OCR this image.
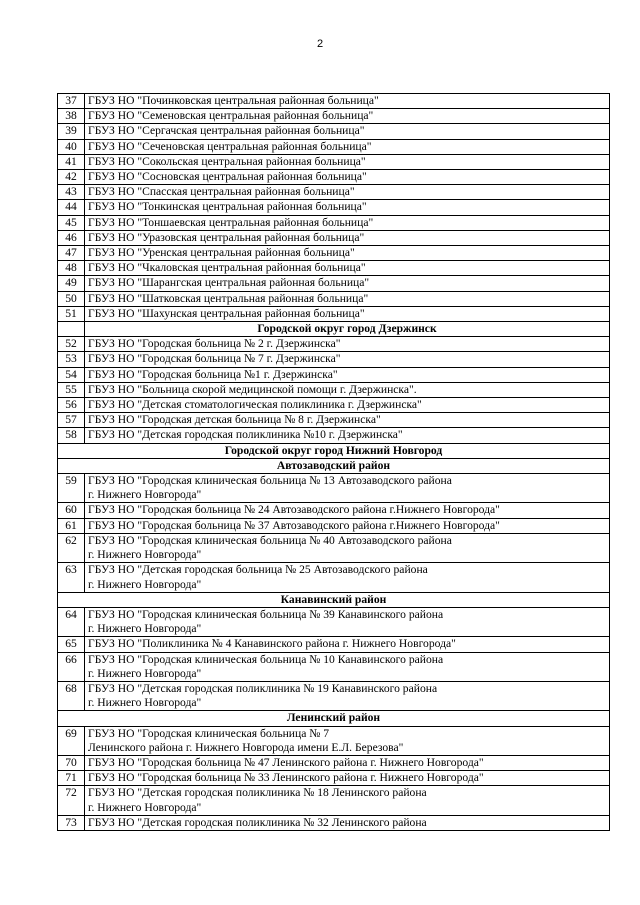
2
37	ГБУЗ НО "Починковская центральная районная больница"
38	ГБУЗ НО "Семеновская центральная районная больница"
39	ГБУЗ НО "Сергачская центральная районная больница"
40	ГБУЗ НО "Сеченовская центральная районная больница"
41	ГБУЗ НО "Сокольская центральная районная больница"
42	ГБУЗ НО "Сосновская центральная районная больница"
43	ГБУЗ НО "Спасская центральная районная больница"
44	ГБУЗ НО "Тонкинская центральная районная больница"
45	ГБУЗ НО "Тоншаевская центральная районная больница"
46	ГБУЗ НО "Уразовская центральная районная больница"
47	ГБУЗ НО "Уренская центральная районная больница"
48	ГБУЗ НО "Чкаловская центральная районная больница"
49	ГБУЗ НО "Шарангская центральная районная больница"
50	ГБУЗ НО "Шатковская центральная районная больница"
51	ГБУЗ НО "Шахунская центральная районная больница"
	Городской округ город Дзержинск
52	ГБУЗ НО "Городская больница № 2 г. Дзержинска"
53	ГБУЗ НО "Городская больница № 7 г. Дзержинска"
54	ГБУЗ НО "Городская больница №1 г. Дзержинска"
55	ГБУЗ НО "Больница скорой медицинской помощи г. Дзержинска".
56	ГБУЗ НО "Детская стоматологическая поликлиника г. Дзержинска"
57	ГБУЗ НО "Городская детская больница № 8 г. Дзержинска"
58	ГБУЗ НО "Детская городская поликлиника №10 г. Дзержинска"
Городской округ город Нижний Новгород	
Автозаводский район	
59	ГБУЗ НО "Городская клиническая больница № 13 Автозаводского района
г. Нижнего Новгорода"
60	ГБУЗ НО "Городская больница № 24 Автозаводского района г.Нижнего Новгорода"
61	ГБУЗ НО "Городская больница № 37 Автозаводского района г.Нижнего Новгорода"
62	ГБУЗ НО "Городская клиническая больница № 40 Автозаводского района
г. Нижнего Новгорода"
63	ГБУЗ НО "Детская городская больница № 25 Автозаводского района
г. Нижнего Новгорода"
Канавинский район	
64	ГБУЗ НО "Городская клиническая больница № 39 Канавинского района
г. Нижнего Новгорода"
65	ГБУЗ НО "Поликлиника № 4 Канавинского района г. Нижнего Новгорода"
66	ГБУЗ НО "Городская клиническая больница № 10 Канавинского района
г. Нижнего Новгорода"
68	ГБУЗ НО "Детская городская поликлиника № 19 Канавинского района
г. Нижнего Новгорода"
Ленинский район	
69	ГБУЗ НО "Городская клиническая больница № 7
Ленинского района г. Нижнего Новгорода имени Е.Л. Березова"
70	ГБУЗ НО "Городская больница № 47 Ленинского района г. Нижнего Новгорода"
71	ГБУЗ НО "Городская больница № 33 Ленинского района г. Нижнего Новгорода"
72	ГБУЗ НО "Детская городская поликлиника № 18 Ленинского района
г. Нижнего Новгорода"
73	ГБУЗ НО "Детская городская поликлиника № 32 Ленинского района
